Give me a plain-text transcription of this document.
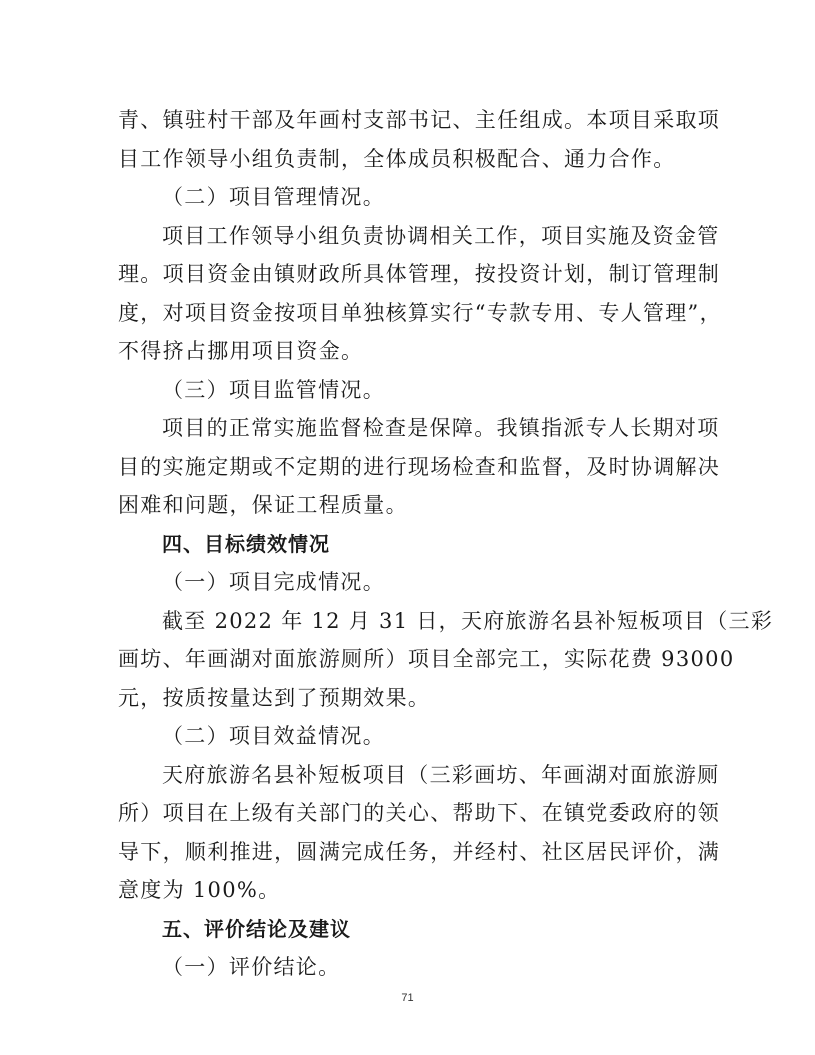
青、镇驻村干部及年画村支部书记、主任组成。本项目采取项
目工作领导小组负责制，全体成员积极配合、通力合作。
（二）项目管理情况。
项目工作领导小组负责协调相关工作，项目实施及资金管
理。项目资金由镇财政所具体管理，按投资计划，制订管理制
度，对项目资金按项目单独核算实行“专款专用、专人管理”，
不得挤占挪用项目资金。
（三）项目监管情况。
项目的正常实施监督检查是保障。我镇指派专人长期对项
目的实施定期或不定期的进行现场检查和监督，及时协调解决
困难和问题，保证工程质量。
四、目标绩效情况
（一）项目完成情况。
截至 2022 年 12 月 31 日，天府旅游名县补短板项目（三彩
画坊、年画湖对面旅游厕所）项目全部完工，实际花费 93000
元，按质按量达到了预期效果。
（二）项目效益情况。
天府旅游名县补短板项目（三彩画坊、年画湖对面旅游厕
所）项目在上级有关部门的关心、帮助下、在镇党委政府的领
导下，顺利推进，圆满完成任务，并经村、社区居民评价，满
意度为 100%。
五、评价结论及建议
（一）评价结论。
71
